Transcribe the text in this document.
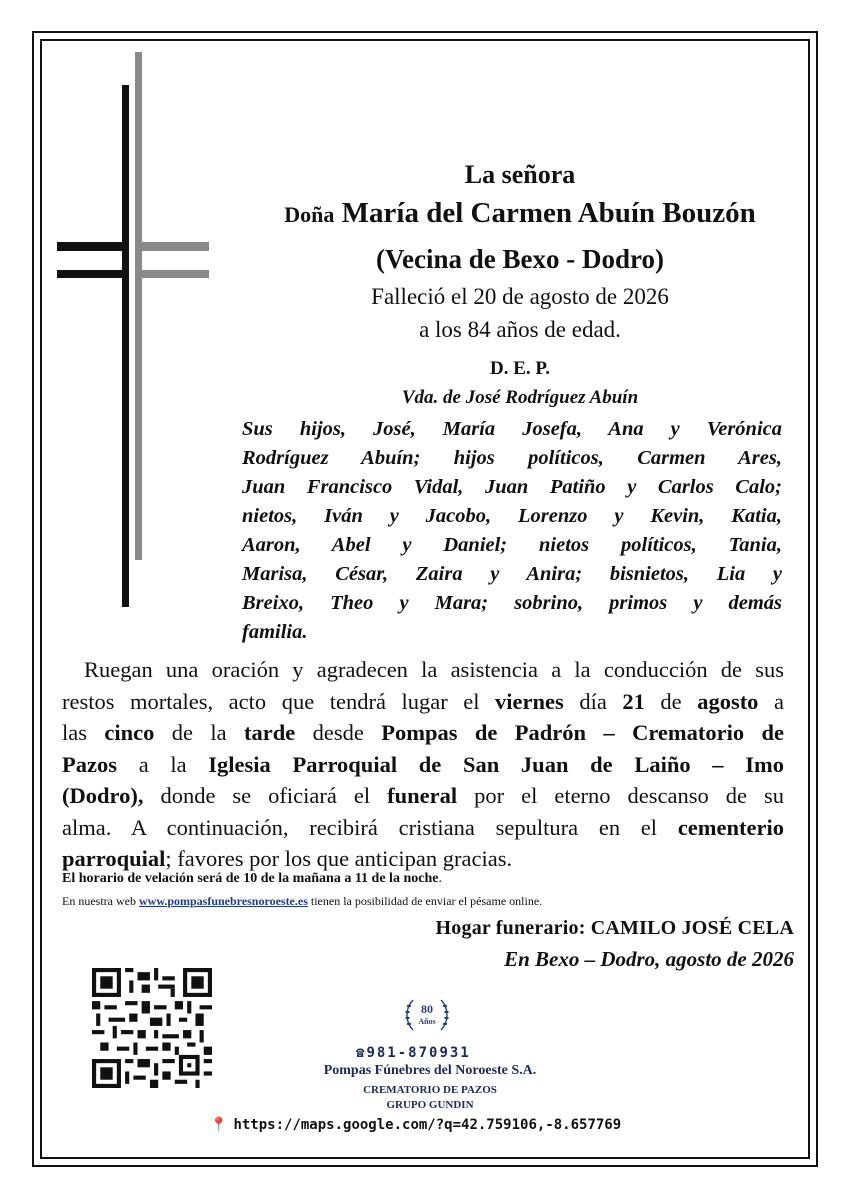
La señora
Doña María del Carmen Abuín Bouzón
(Vecina de Bexo - Dodro)
Falleció el 20 de agosto de 2026
a los 84 años de edad.
D. E. P.
Vda. de José Rodríguez Abuín
Sus hijos, José, María Josefa, Ana y Verónica
Rodríguez Abuín; hijos políticos, Carmen Ares,
Juan Francisco Vidal, Juan Patiño y Carlos Calo;
nietos, Iván y Jacobo, Lorenzo y Kevin, Katia,
Aaron, Abel y Daniel; nietos políticos, Tania,
Marisa, César, Zaira y Anira; bisnietos, Lia y
Breixo, Theo y Mara; sobrino, primos y demás
familia.
Ruegan una oración y agradecen la asistencia a la conducción de sus
restos mortales, acto que tendrá lugar el viernes día 21 de agosto a
las cinco de la tarde desde Pompas de Padrón – Crematorio de
Pazos a la Iglesia Parroquial de San Juan de Laiño – Imo
(Dodro), donde se oficiará el funeral por el eterno descanso de su
alma. A continuación, recibirá cristiana sepultura en el cementerio
parroquial; favores por los que anticipan gracias.
El horario de velación será de 10 de la mañana a 11 de la noche.
En nuestra web www.pompasfunebresnoroeste.es tienen la posibilidad de enviar el pésame online.
Hogar funerario: CAMILO JOSÉ CELA
En Bexo – Dodro, agosto de 2026
80
Años
☎981-870931
Pompas Fúnebres del Noroeste S.A.
CREMATORIO DE PAZOS
GRUPO GUNDIN
📍 https://maps.google.com/?q=42.759106,-8.657769
